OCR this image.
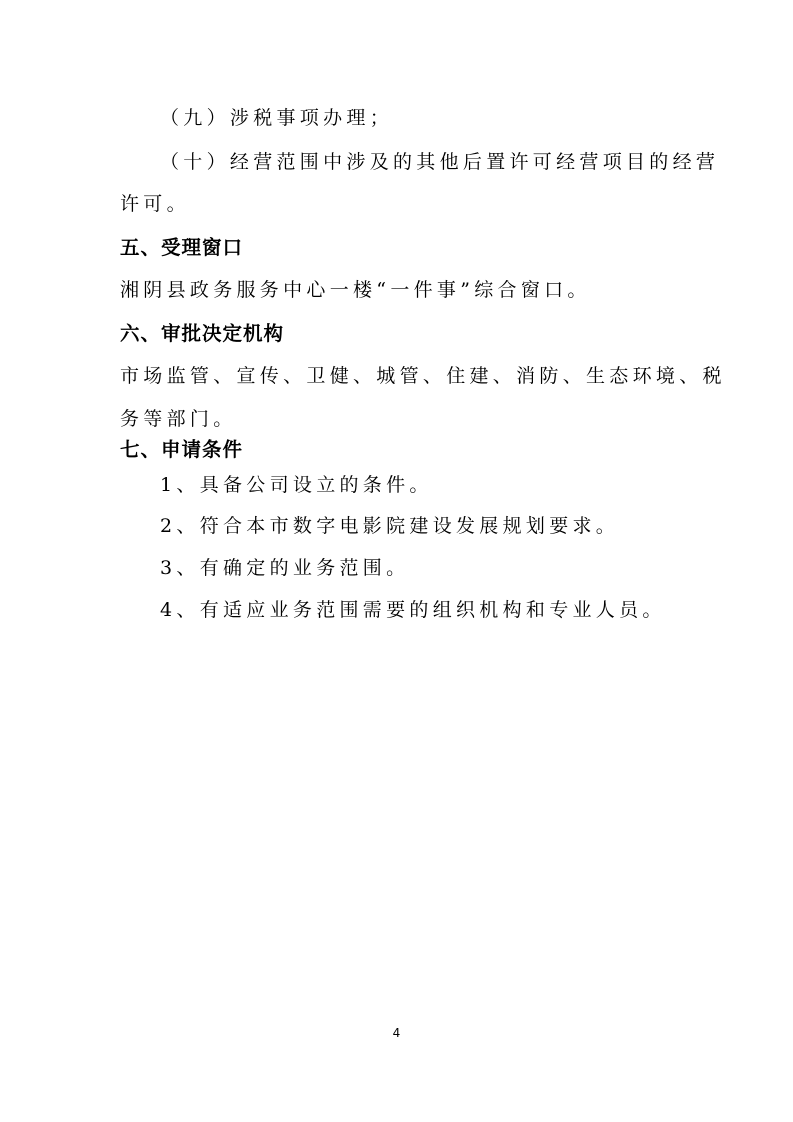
（九）涉税事项办理；
（十）经营范围中涉及的其他后置许可经营项目的经营
许可。
五、受理窗口
湘阴县政务服务中心一楼“一件事”综合窗口。
六、审批决定机构
市场监管、宣传、卫健、城管、住建、消防、生态环境、税
务等部门。
七、申请条件
1、具备公司设立的条件。
2、符合本市数字电影院建设发展规划要求。
3、有确定的业务范围。
4、有适应业务范围需要的组织机构和专业人员。
4
